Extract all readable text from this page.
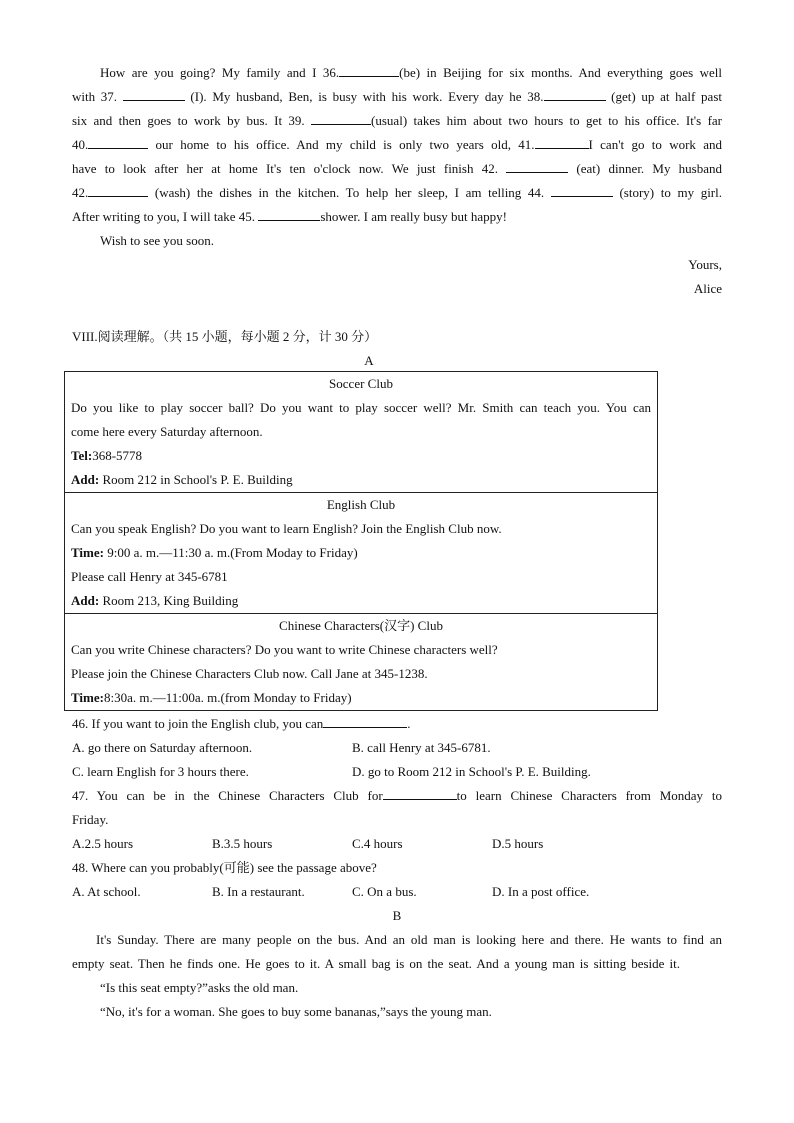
How are you going? My family and I 36.	(be) in Beijing for six months. And everything goes well
with 37.	(I). My husband, Ben, is busy with his work. Every day he 38.	(get) up at half past
six and then goes to work by bus. It 39.	(usual) takes him about two hours to get to his office. It's far
40.	our home to his office. And my child is only two years old, 41.	I can't go to work and
have to look after her at home It's ten o'clock now. We just finish 42.	(eat) dinner. My husband
42.	(wash) the dishes in the kitchen. To help her sleep, I am telling 44.	(story) to my girl.
After writing to you, I will take 45.	shower. I am really busy but happy!
Wish to see you soon.
Yours,
Alice
VIII.阅读理解。（共 15 小题，每小题 2 分，计 30 分）
A
Soccer Club
Do you like to play soccer ball? Do you want to play soccer well? Mr. Smith can teach you. You can
come here every Saturday afternoon.
Tel:368-5778
Add: Room 212 in School's P. E. Building

English Club
Can you speak English? Do you want to learn English? Join the English Club now.
Time: 9:00 a. m.—11:30 a. m.(From Moday to Friday)
Please call Henry at 345-6781
Add: Room 213, King Building

Chinese Characters(汉字) Club
Can you write Chinese characters? Do you want to write Chinese characters well?
Please join the Chinese Characters Club now. Call Jane at 345-1238.
Time:8:30a. m.—11:00a. m.(from Monday to Friday)
46. If you want to join the English club, you can	.
A. go there on Saturday afternoon.	B. call Henry at 345-6781.
C. learn English for 3 hours there.	D. go to Room 212 in School's P. E. Building.
47. You can be in the Chinese Characters Club for	to learn Chinese Characters from Monday to
Friday.
A.2.5 hours	B.3.5 hours	C.4 hours	D.5 hours
48. Where can you probably(可能) see the passage above?
A. At school.	B. In a restaurant.	C. On a bus.	D. In a post office.
B
It's Sunday. There are many people on the bus. And an old man is looking here and there. He wants to find an
empty seat. Then he finds one. He goes to it. A small bag is on the seat. And a young man is sitting beside it.
“Is this seat empty?”asks the old man.
“No, it's for a woman. She goes to buy some bananas,”says the young man.
